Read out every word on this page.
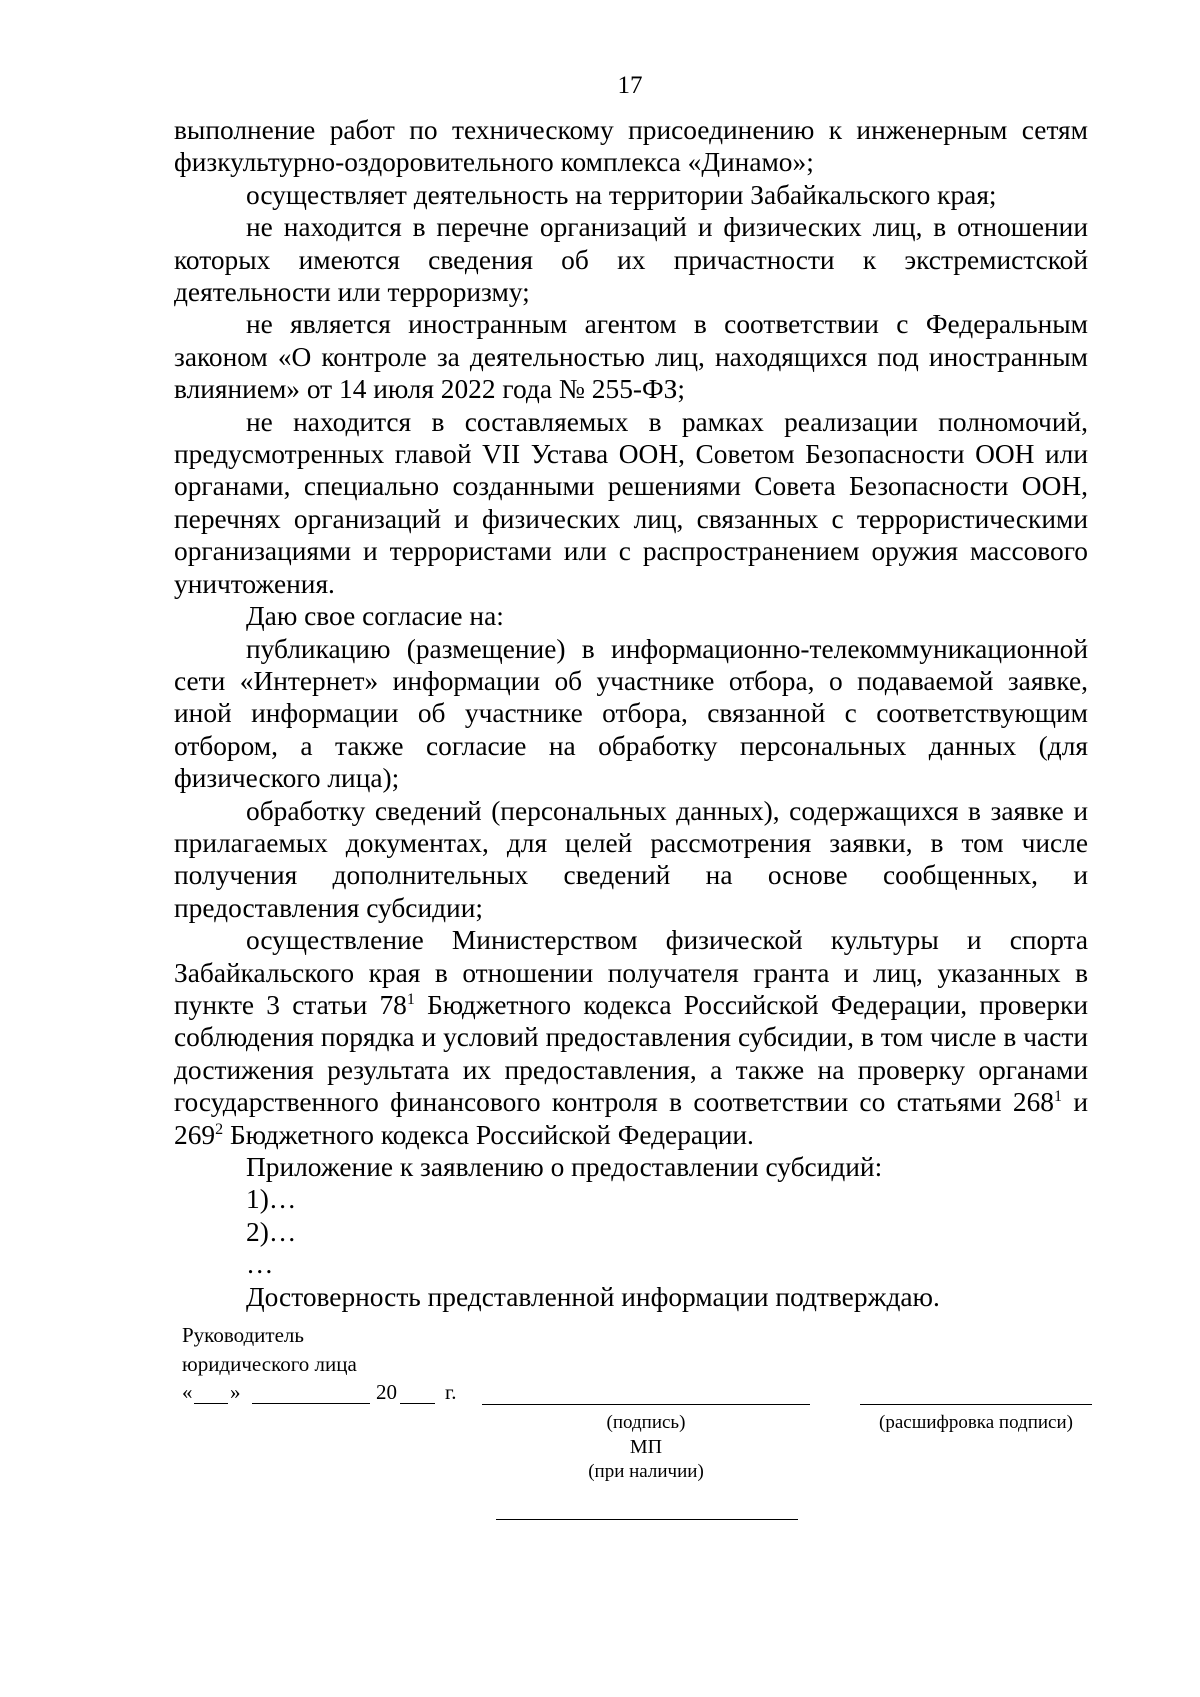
17

выполнение работ по техническому присоединению к инженерным сетям физкультурно-оздоровительного комплекса «Динамо»;

осуществляет деятельность на территории Забайкальского края;

не находится в перечне организаций и физических лиц, в отношении которых имеются сведения об их причастности к экстремистской деятельности или терроризму;

не является иностранным агентом в соответствии с Федеральным законом «О контроле за деятельностью лиц, находящихся под иностранным влиянием» от 14 июля 2022 года № 255-ФЗ;

не находится в составляемых в рамках реализации полномочий, предусмотренных главой VII Устава ООН, Советом Безопасности ООН или органами, специально созданными решениями Совета Безопасности ООН, перечнях организаций и физических лиц, связанных с террористическими организациями и террористами или с распространением оружия массового уничтожения.

Даю свое согласие на:

публикацию (размещение) в информационно-телекоммуникационной сети «Интернет» информации об участнике отбора, о подаваемой заявке, иной информации об участнике отбора, связанной с соответствующим отбором, а также согласие на обработку персональных данных (для физического лица);

обработку сведений (персональных данных), содержащихся в заявке и прилагаемых документах, для целей рассмотрения заявки, в том числе получения дополнительных сведений на основе сообщенных, и предоставления субсидии;

осуществление Министерством физической культуры и спорта Забайкальского края в отношении получателя гранта и лиц, указанных в пункте 3 статьи $78^1$ Бюджетного кодекса Российской Федерации, проверки соблюдения порядка и условий предоставления субсидии, в том числе в части достижения результата их предоставления, а также на проверку органами государственного финансового контроля в соответствии со статьями $268^1$ и $269^2$ Бюджетного кодекса Российской Федерации.

Приложение к заявлению о предоставлении субсидий:

1)…

2)…

…

Достоверность представленной информации подтверждаю.

Руководитель
юридического лица
« »	20 г.
(подпись)	(расшифровка подписи)
МП
(при наличии)
